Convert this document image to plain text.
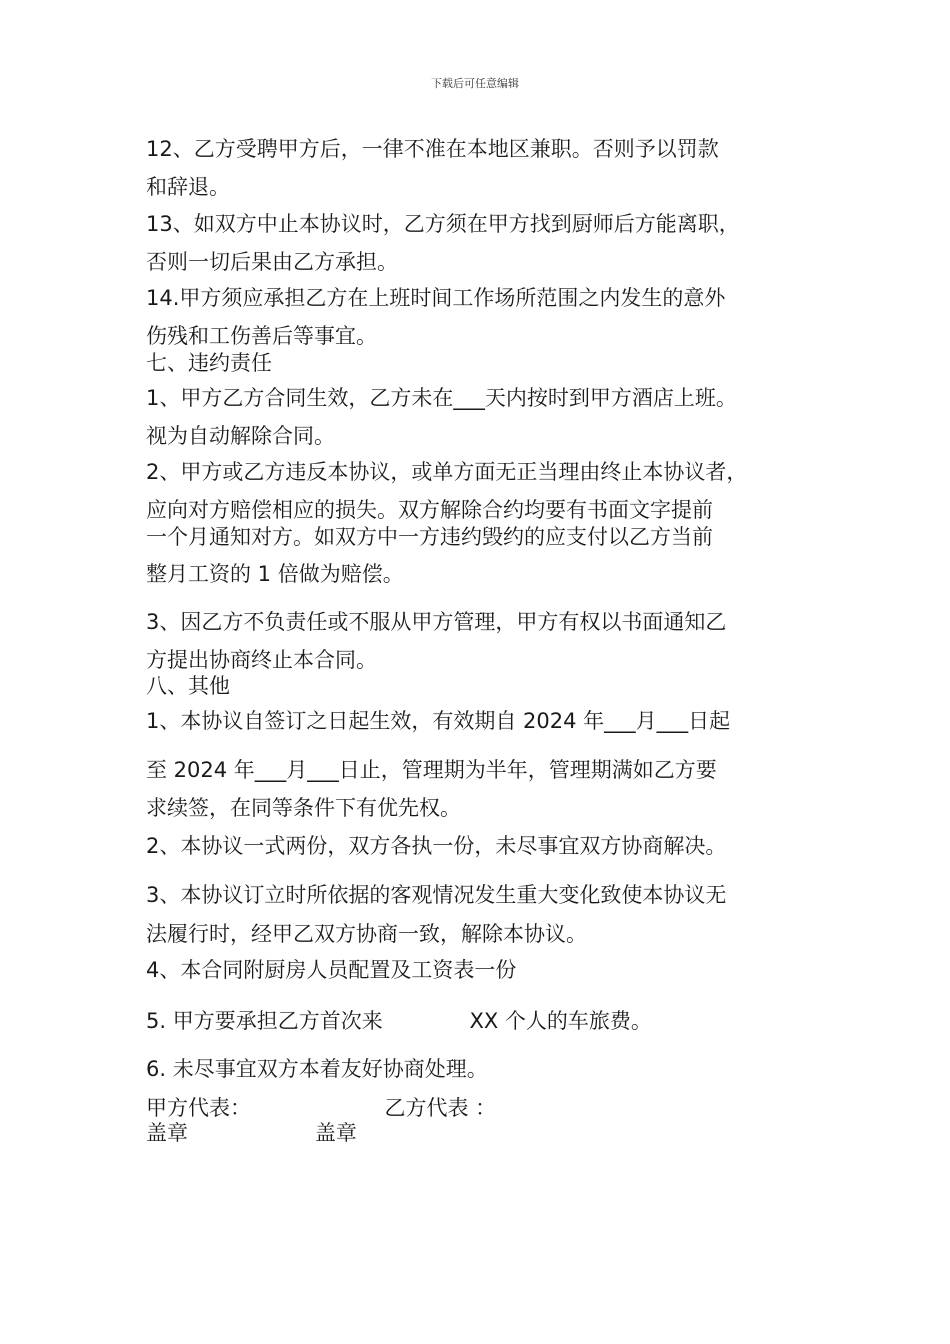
下载后可任意编辑
12、乙方受聘甲方后，一律不准在本地区兼职。否则予以罚款
和辞退。
13、如双方中止本协议时，乙方须在甲方找到厨师后方能离职，
否则一切后果由乙方承担。
14.甲方须应承担乙方在上班时间工作场所范围之内发生的意外
伤残和工伤善后等事宜。
七、违约责任
1、甲方乙方合同生效，乙方未在___天内按时到甲方酒店上班。
视为自动解除合同。
2、甲方或乙方违反本协议，或单方面无正当理由终止本协议者，
应向对方赔偿相应的损失。双方解除合约均要有书面文字提前
一个月通知对方。如双方中一方违约毁约的应支付以乙方当前
整月工资的 1 倍做为赔偿。
3、因乙方不负责任或不服从甲方管理，甲方有权以书面通知乙
方提出协商终止本合同。
八、其他
1、本协议自签订之日起生效，有效期自 2024 年___月___日起
至 2024 年___月___日止，管理期为半年，管理期满如乙方要
求续签，在同等条件下有优先权。
2、本协议一式两份，双方各执一份，未尽事宜双方协商解决。
3、本协议订立时所依据的客观情况发生重大变化致使本协议无
法履行时，经甲乙双方协商一致，解除本协议。
4、本合同附厨房人员配置及工资表一份
5. 甲方要承担乙方首次来             XX 个人的车旅费。
6. 未尽事宜双方本着友好协商处理。
甲方代表：                    乙方代表 ：
盖章                   盖章
